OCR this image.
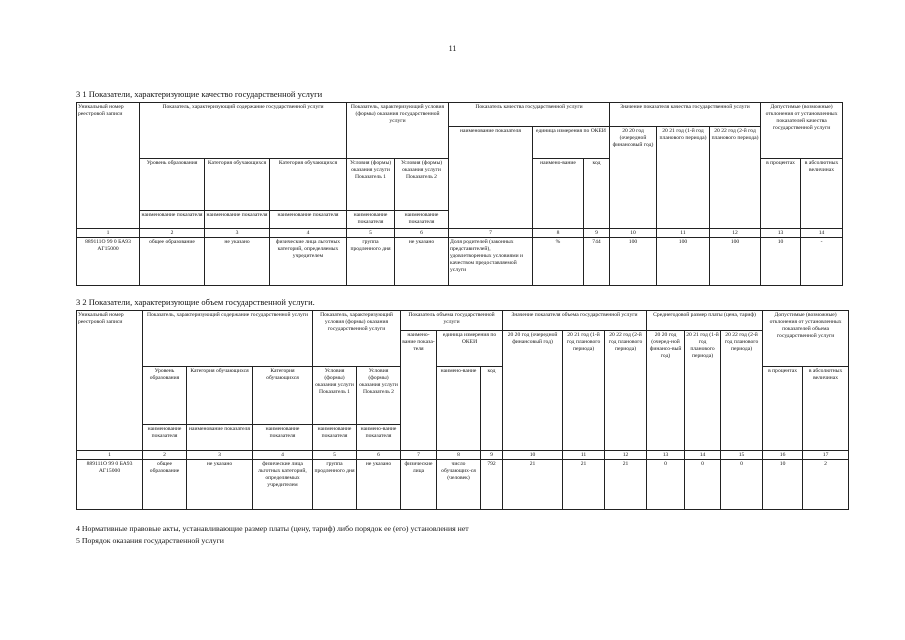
11
3 1 Показатели, характеризующие качество государственной услуги
Уникальный номер реестровой записи	Показатель, характеризующий содержание государственной услуги			Показатель, характеризующий условия (формы) оказания государственной услуги		Показатель качества государственной услуги			Значение показателя качества государственной услуги			Допустимые (возможные) отклонения от установленных показателей качества государственной услуги	
						наименование показателя	единица измерения по ОКЕИ		20 20 год (очередной финансовый год)	20 21 год (1-й год планового периода)	20 22 год (2-й год планового периода)		
	Уровень образования	Категория обучающихся	Категория обучающихся	Условия (формы) оказания услуги Показатель 1	Условия (формы) оказания услуги Показатель 2		наимено-вание	код				в процентах	в абсолютных величинах
	наименование показателя	наименование показателя	наименование показателя	наименование показателя	наименование показателя								
1	2	3	4	5	6	7	8	9	10	11	12	13	14
889111О 99 0 БА93 АГ15000	общее образование	не указано	физические лица льготных категорий, определяемых учредителем	группа продленного дня	не указано	Доля родителей (законных представителей), удовлетворенных условиями и качеством предоставляемой услуги	%	744	100	100	100	10	-
3 2 Показатели, характеризующие объем государственной услуги.
Уникальный номер реестровой записи	Показатель, характеризующий содержание государственной услуги			Показатель, характеризующий условия (формы) оказания государственной услуги		Показатель объема государственной услуги			Значение показателя объема государственной услуги			Среднегодовой размер платы (цена, тариф)			Допустимые (возможные) отклонения от установленных показателей объема государственной услуги	
						наимено-вание показа-теля	единица измерения по ОКЕИ		20 20 год (очередной финансовый год)	20 21 год (1-й год планового периода)	20 22 год (2-й год планового периода)	20 20 год (очеред-ной финансо-вый год)	20 21 год (1-й год планового периода)	20 22 год (2-й год планового периода)		
	Уровень образования	Категория обучающихся	Категория обучающихся	Условия (формы) оказания услуги Показатель 1	Условия (формы) оказания услуги Показатель 2		наимено-вание	код							в процентах	в абсолютных величинах
	наименование показателя	наименование показателя	наименование показателя	наименование показателя	наимено-вание показателя											
1	2	3	4	5	6	7	8	9	10	11	12	13	14	15	16	17
889111О 99 0 БА93 АГ15000	общее образование	не указано	физические лица льготных категорий, определяемых учредителем	группа продленного дня	не указано	физические лица	число обучающих-ся (человек)	792	21	21	21	0	0	0	10	2
4 Нормативные правовые акты, устанавливающие размер платы (цену, тариф) либо порядок ее (его) установления нет
5 Порядок оказания государственной услуги
